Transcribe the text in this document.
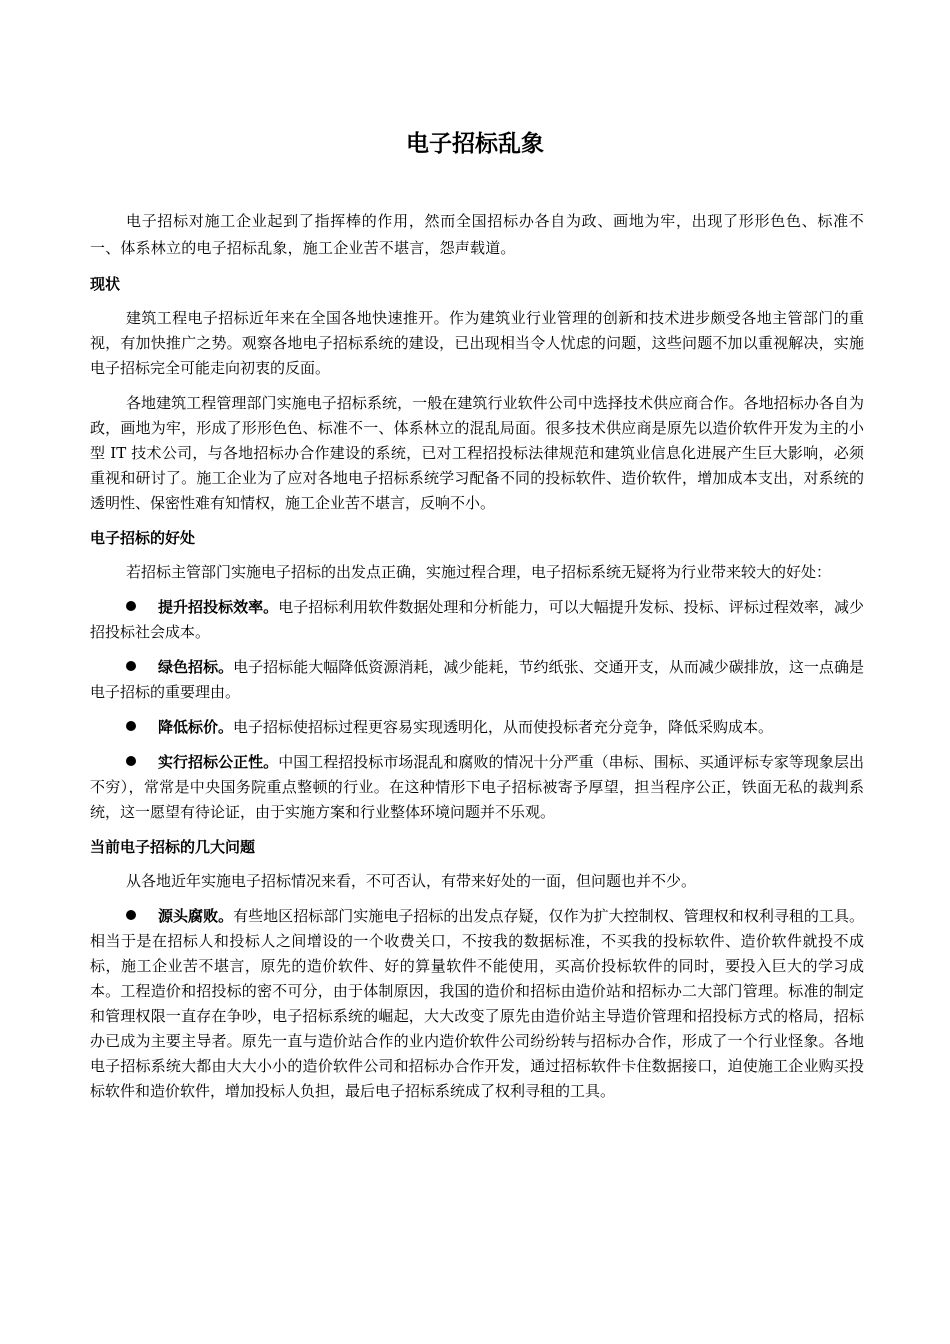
电子招标乱象

电子招标对施工企业起到了指挥棒的作用，然而全国招标办各自为政、画地为牢，出现了形形色色、标准不一、体系林立的电子招标乱象，施工企业苦不堪言，怨声载道。

现状

建筑工程电子招标近年来在全国各地快速推开。作为建筑业行业管理的创新和技术进步颇受各地主管部门的重视，有加快推广之势。观察各地电子招标系统的建设，已出现相当令人忧虑的问题，这些问题不加以重视解决，实施电子招标完全可能走向初衷的反面。

各地建筑工程管理部门实施电子招标系统，一般在建筑行业软件公司中选择技术供应商合作。各地招标办各自为政，画地为牢，形成了形形色色、标准不一、体系林立的混乱局面。很多技术供应商是原先以造价软件开发为主的小型 IT 技术公司，与各地招标办合作建设的系统，已对工程招投标法律规范和建筑业信息化进展产生巨大影响，必须重视和研讨了。施工企业为了应对各地电子招标系统学习配备不同的投标软件、造价软件，增加成本支出，对系统的透明性、保密性难有知情权，施工企业苦不堪言，反响不小。

电子招标的好处

若招标主管部门实施电子招标的出发点正确，实施过程合理，电子招标系统无疑将为行业带来较大的好处：

提升招投标效率。电子招标利用软件数据处理和分析能力，可以大幅提升发标、投标、评标过程效率，减少招投标社会成本。

绿色招标。电子招标能大幅降低资源消耗，减少能耗，节约纸张、交通开支，从而减少碳排放，这一点确是电子招标的重要理由。

降低标价。电子招标使招标过程更容易实现透明化，从而使投标者充分竞争，降低采购成本。

实行招标公正性。中国工程招投标市场混乱和腐败的情况十分严重（串标、围标、买通评标专家等现象层出不穷），常常是中央国务院重点整顿的行业。在这种情形下电子招标被寄予厚望，担当程序公正，铁面无私的裁判系统，这一愿望有待论证，由于实施方案和行业整体环境问题并不乐观。

当前电子招标的几大问题

从各地近年实施电子招标情况来看，不可否认，有带来好处的一面，但问题也并不少。

源头腐败。有些地区招标部门实施电子招标的出发点存疑，仅作为扩大控制权、管理权和权利寻租的工具。相当于是在招标人和投标人之间增设的一个收费关口，不按我的数据标准，不买我的投标软件、造价软件就投不成标，施工企业苦不堪言，原先的造价软件、好的算量软件不能使用，买高价投标软件的同时，要投入巨大的学习成本。工程造价和招投标的密不可分，由于体制原因，我国的造价和招标由造价站和招标办二大部门管理。标准的制定和管理权限一直存在争吵，电子招标系统的崛起，大大改变了原先由造价站主导造价管理和招投标方式的格局，招标办已成为主要主导者。原先一直与造价站合作的业内造价软件公司纷纷转与招标办合作，形成了一个行业怪象。各地电子招标系统大都由大大小小的造价软件公司和招标办合作开发，通过招标软件卡住数据接口，迫使施工企业购买投标软件和造价软件，增加投标人负担，最后电子招标系统成了权利寻租的工具。
